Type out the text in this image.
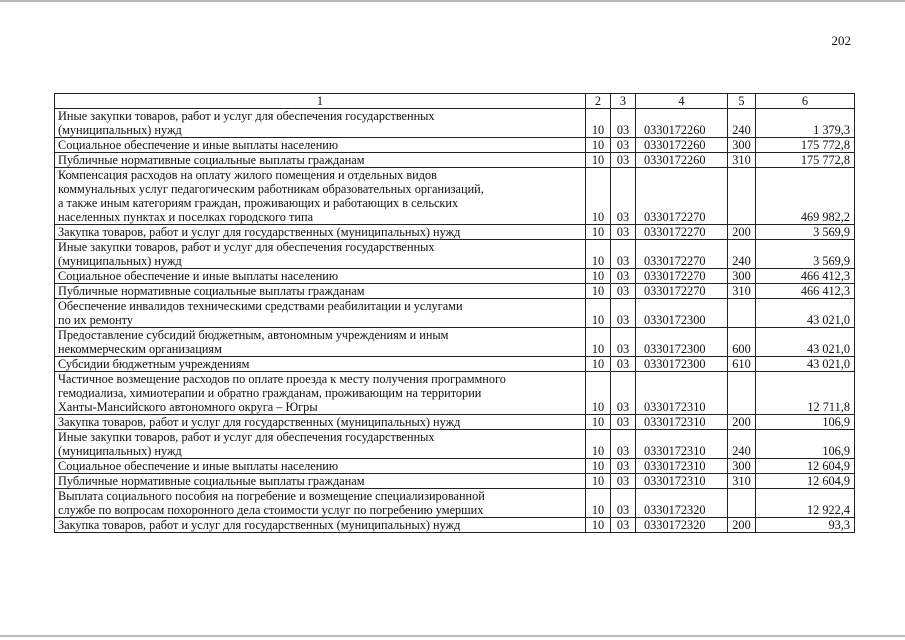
202
1	2	3	4	5	6
Иные закупки товаров, работ и услуг для обеспечения государственных
(муниципальных) нужд	10	03	0330172260	240	1 379,3
Социальное обеспечение и иные выплаты населению	10	03	0330172260	300	175 772,8
Публичные нормативные социальные выплаты гражданам	10	03	0330172260	310	175 772,8
Компенсация расходов на оплату жилого помещения и отдельных видов
коммунальных услуг педагогическим работникам образовательных организаций,
а также иным категориям граждан, проживающих и работающих в сельских
населенных пунктах и поселках городского типа	10	03	0330172270		469 982,2
Закупка товаров, работ и услуг для государственных (муниципальных) нужд	10	03	0330172270	200	3 569,9
Иные закупки товаров, работ и услуг для обеспечения государственных
(муниципальных) нужд	10	03	0330172270	240	3 569,9
Социальное обеспечение и иные выплаты населению	10	03	0330172270	300	466 412,3
Публичные нормативные социальные выплаты гражданам	10	03	0330172270	310	466 412,3
Обеспечение инвалидов техническими средствами реабилитации и услугами
по их ремонту	10	03	0330172300		43 021,0
Предоставление субсидий бюджетным, автономным учреждениям и иным
некоммерческим организациям	10	03	0330172300	600	43 021,0
Субсидии бюджетным учреждениям	10	03	0330172300	610	43 021,0
Частичное возмещение расходов по оплате проезда к месту получения программного
гемодиализа, химиотерапии и обратно гражданам, проживающим на территории
Ханты-Мансийского автономного округа – Югры	10	03	0330172310		12 711,8
Закупка товаров, работ и услуг для государственных (муниципальных) нужд	10	03	0330172310	200	106,9
Иные закупки товаров, работ и услуг для обеспечения государственных
(муниципальных) нужд	10	03	0330172310	240	106,9
Социальное обеспечение и иные выплаты населению	10	03	0330172310	300	12 604,9
Публичные нормативные социальные выплаты гражданам	10	03	0330172310	310	12 604,9
Выплата социального пособия на погребение и возмещение специализированной
службе по вопросам похоронного дела стоимости услуг по погребению умерших	10	03	0330172320		12 922,4
Закупка товаров, работ и услуг для государственных (муниципальных) нужд	10	03	0330172320	200	93,3
